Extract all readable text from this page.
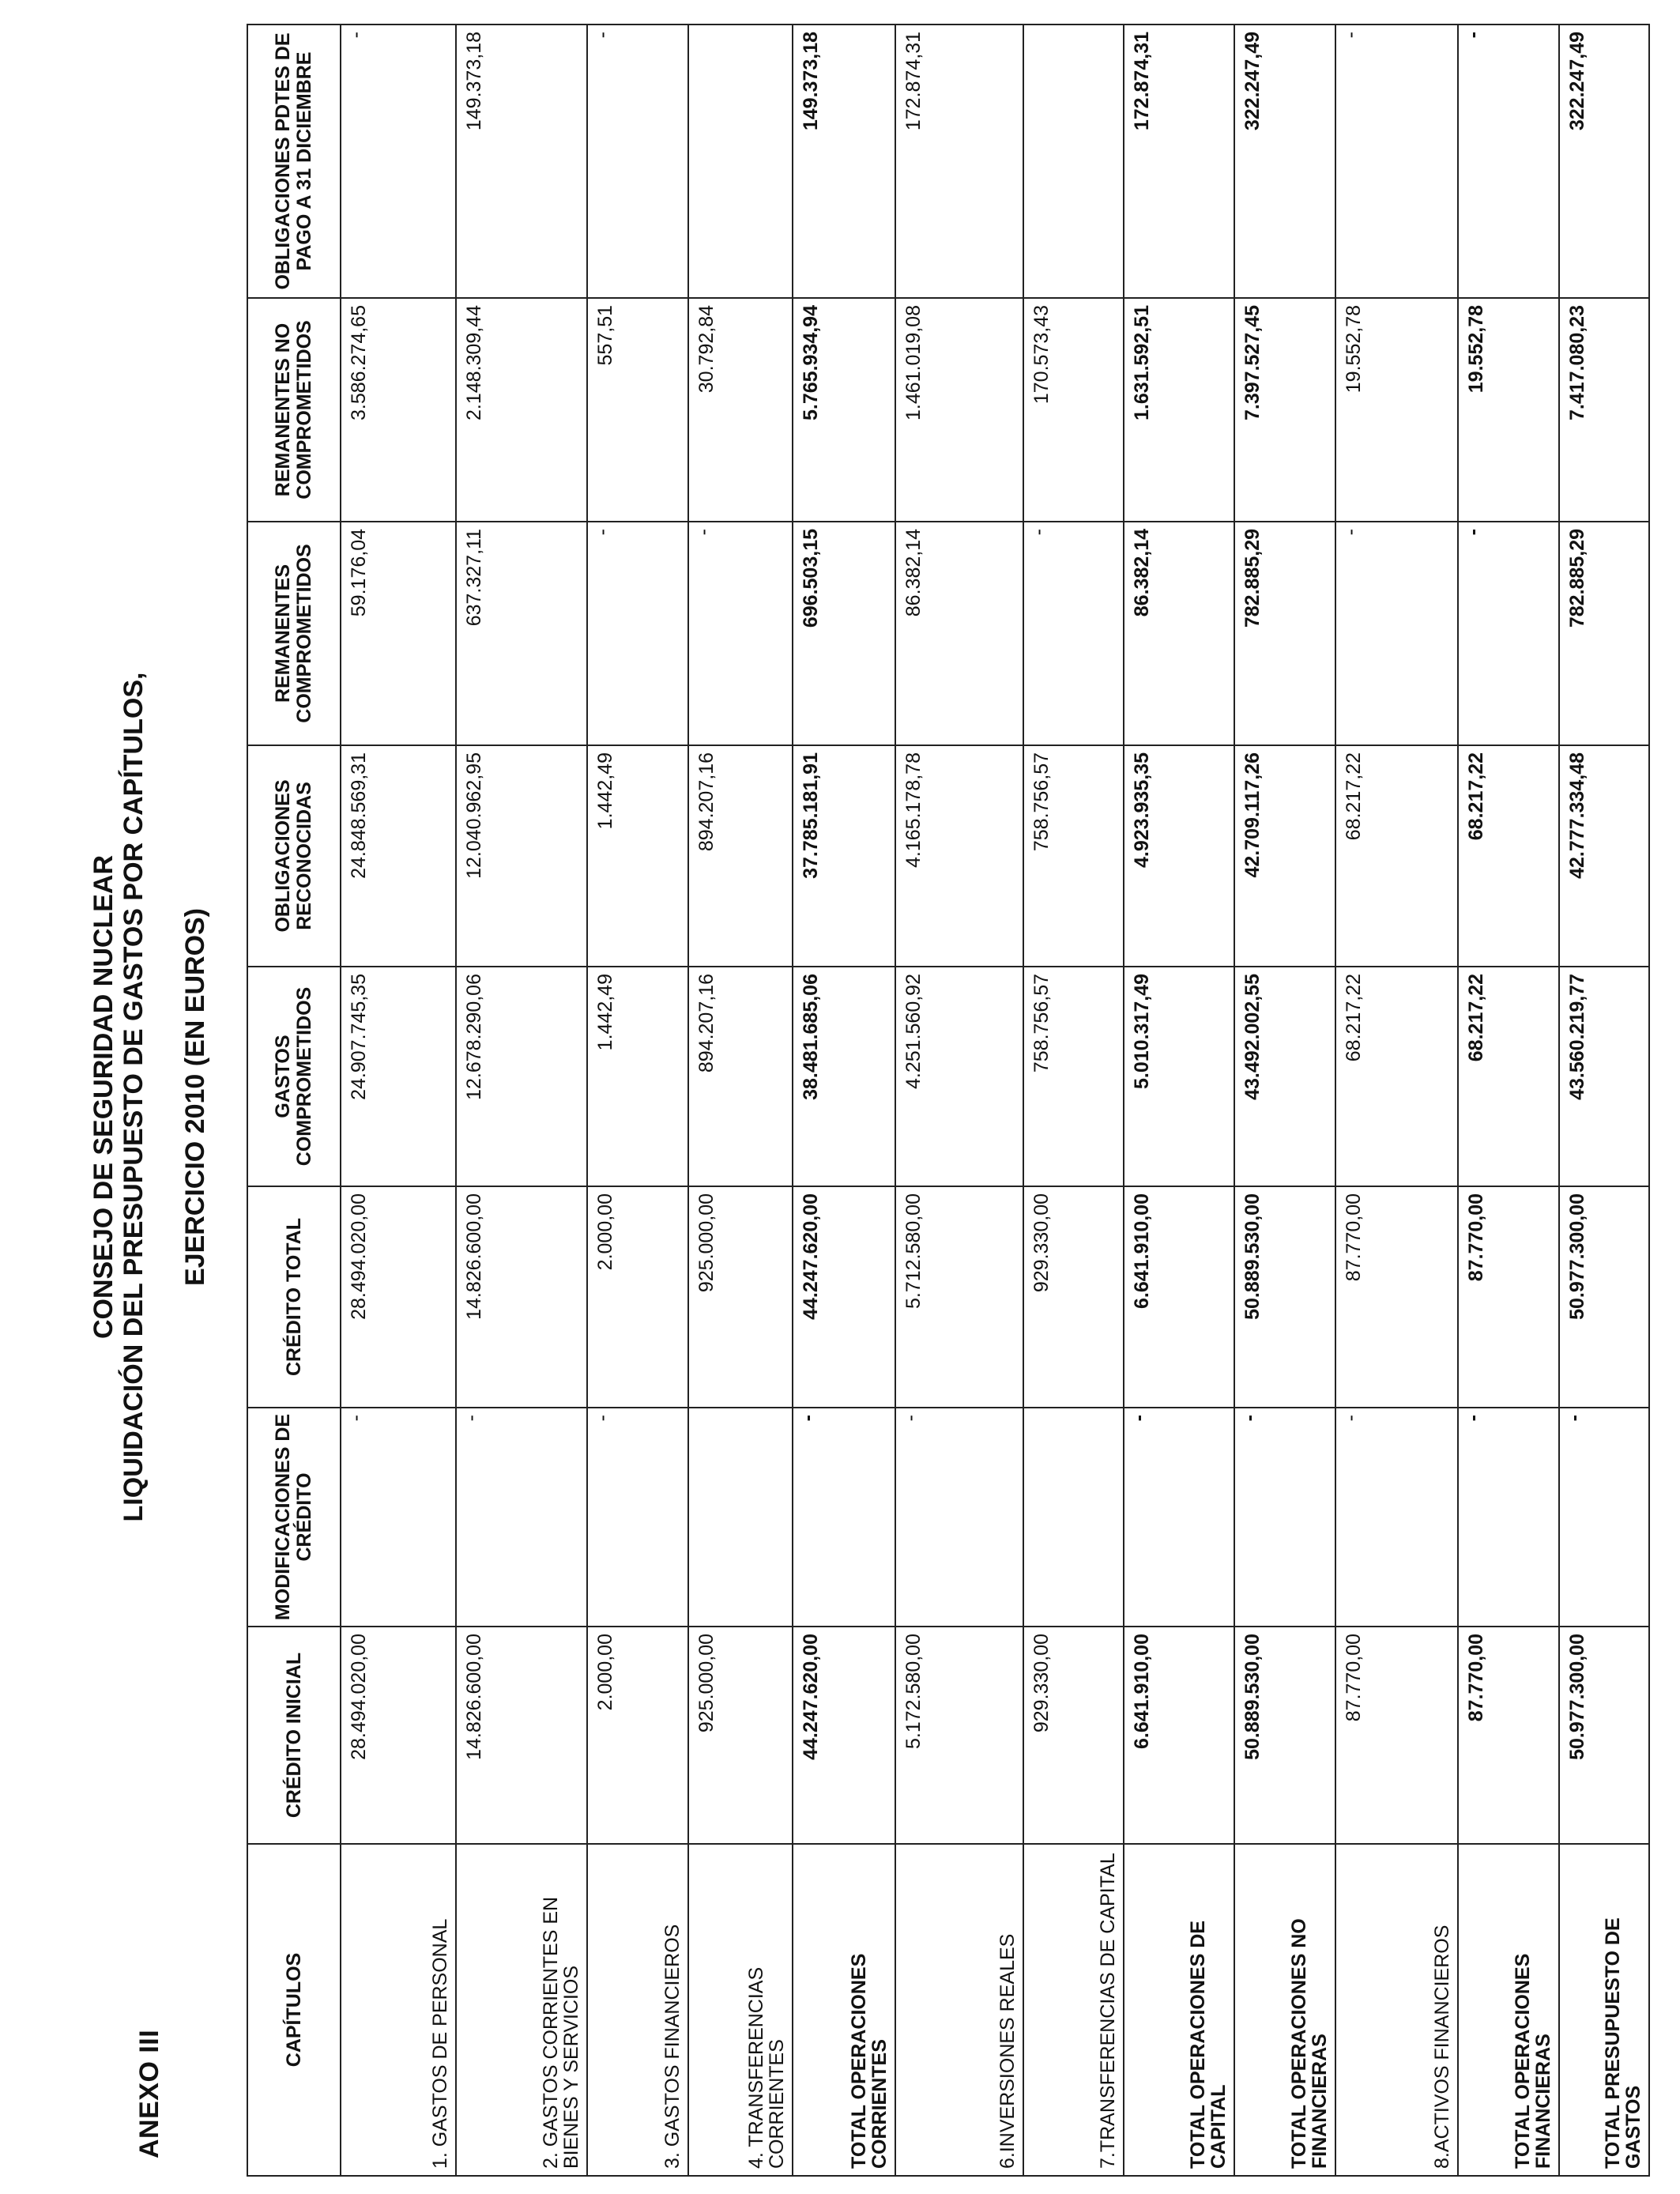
ANEXO III
CONSEJO DE SEGURIDAD NUCLEAR LIQUIDACIÓN DEL PRESUPUESTO DE GASTOS POR CAPÍTULOS, EJERCICIO 2010 (EN EUROS)
CAPÍTULOS	CRÉDITO INICIAL	MODIFICACIONES DE CRÉDITO	CRÉDITO TOTAL	GASTOS COMPROMETIDOS	OBLIGACIONES RECONOCIDAS	REMANENTES COMPROMETIDOS	REMANENTES NO COMPROMETIDOS	OBLIGACIONES PDTES DE PAGO A 31 DICIEMBRE
1. GASTOS DE PERSONAL	28.494.020,00	-	28.494.020,00	24.907.745,35	24.848.569,31	59.176,04	3.586.274,65	-
2. GASTOS CORRIENTES EN BIENES Y SERVICIOS	14.826.600,00	-	14.826.600,00	12.678.290,06	12.040.962,95	637.327,11	2.148.309,44	149.373,18
3. GASTOS FINANCIEROS	2.000,00	-	2.000,00	1.442,49	1.442,49	-	557,51	-
4. TRANSFERENCIAS CORRIENTES	925.000,00		925.000,00	894.207,16	894.207,16	-	30.792,84	
TOTAL OPERACIONES CORRIENTES	44.247.620,00	-	44.247.620,00	38.481.685,06	37.785.181,91	696.503,15	5.765.934,94	149.373,18
6.INVERSIONES REALES	5.172.580,00	-	5.712.580,00	4.251.560,92	4.165.178,78	86.382,14	1.461.019,08	172.874,31
7.TRANSFERENCIAS DE CAPITAL	929.330,00		929.330,00	758.756,57	758.756,57	-	170.573,43	
TOTAL OPERACIONES DE CAPITAL	6.641.910,00	-	6.641.910,00	5.010.317,49	4.923.935,35	86.382,14	1.631.592,51	172.874,31
TOTAL OPERACIONES NO FINANCIERAS	50.889.530,00	-	50.889.530,00	43.492.002,55	42.709.117,26	782.885,29	7.397.527,45	322.247,49
8.ACTIVOS FINANCIEROS	87.770,00	-	87.770,00	68.217,22	68.217,22	-	19.552,78	-
TOTAL OPERACIONES FINANCIERAS	87.770,00	-	87.770,00	68.217,22	68.217,22	-	19.552,78	-
TOTAL PRESUPUESTO DE GASTOS	50.977.300,00	-	50.977.300,00	43.560.219,77	42.777.334,48	782.885,29	7.417.080,23	322.247,49
